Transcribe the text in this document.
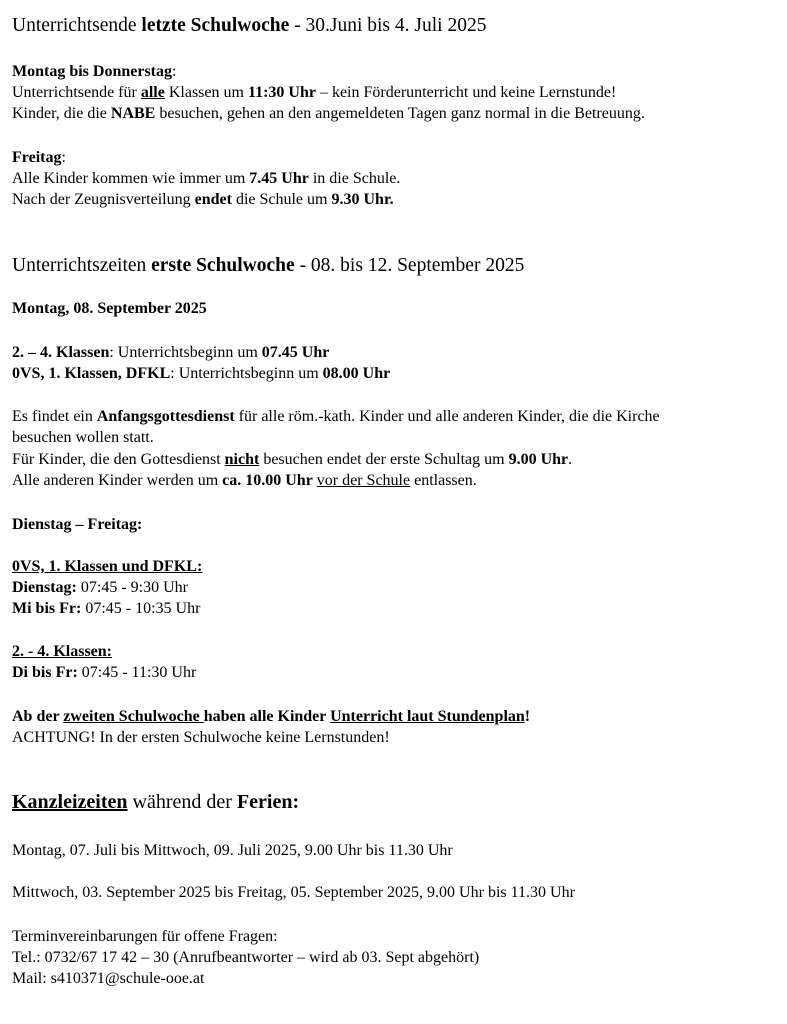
Unterrichtsende letzte Schulwoche - 30.Juni bis 4. Juli 2025
Montag bis Donnerstag:
Unterrichtsende für alle Klassen um 11:30 Uhr – kein Förderunterricht und keine Lernstunde!
Kinder, die die NABE besuchen, gehen an den angemeldeten Tagen ganz normal in die Betreuung.
Freitag:
Alle Kinder kommen wie immer um 7.45 Uhr in die Schule.
Nach der Zeugnisverteilung endet die Schule um 9.30 Uhr.
Unterrichtszeiten erste Schulwoche - 08. bis 12. September 2025
Montag, 08. September 2025
2. – 4. Klassen: Unterrichtsbeginn um 07.45 Uhr
0VS, 1. Klassen, DFKL: Unterrichtsbeginn um 08.00 Uhr
Es findet ein Anfangsgottesdienst für alle röm.-kath. Kinder und alle anderen Kinder, die die Kirche
besuchen wollen statt.
Für Kinder, die den Gottesdienst nicht besuchen endet der erste Schultag um 9.00 Uhr.
Alle anderen Kinder werden um ca. 10.00 Uhr vor der Schule entlassen.
Dienstag – Freitag:
0VS, 1. Klassen und DFKL:
Dienstag: 07:45 - 9:30 Uhr
Mi bis Fr: 07:45 - 10:35 Uhr
2. - 4. Klassen:
Di bis Fr: 07:45 - 11:30 Uhr
Ab der zweiten Schulwoche haben alle Kinder Unterricht laut Stundenplan!
ACHTUNG! In der ersten Schulwoche keine Lernstunden!
Kanzleizeiten während der Ferien:
Montag, 07. Juli bis Mittwoch, 09. Juli 2025, 9.00 Uhr bis 11.30 Uhr
Mittwoch, 03. September 2025 bis Freitag, 05. September 2025, 9.00 Uhr bis 11.30 Uhr
Terminvereinbarungen für offene Fragen:
Tel.: 0732/67 17 42 – 30 (Anrufbeantworter – wird ab 03. Sept abgehört)
Mail: s410371@schule-ooe.at
